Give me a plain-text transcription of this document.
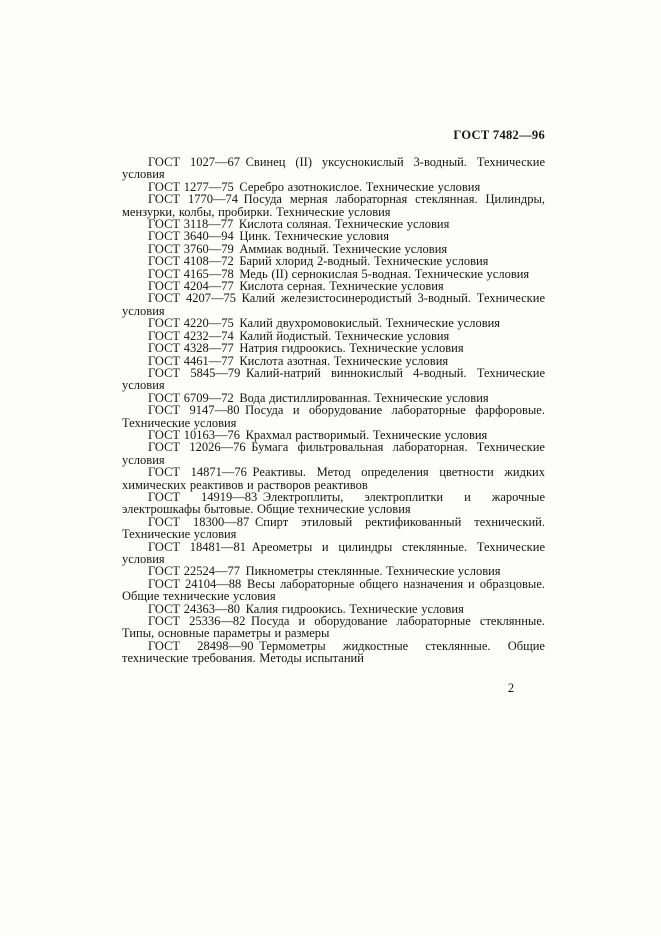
ГОСТ 7482—96

ГОСТ 1027—67 Свинец (II) уксуснокислый 3-водный. Технические условия

ГОСТ 1277—75 Серебро азотнокислое. Технические условия

ГОСТ 1770—74 Посуда мерная лабораторная стеклянная. Цилиндры, мензурки, колбы, пробирки. Технические условия

ГОСТ 3118—77 Кислота соляная. Технические условия

ГОСТ 3640—94 Цинк. Технические условия

ГОСТ 3760—79 Аммиак водный. Технические условия

ГОСТ 4108—72 Барий хлорид 2-водный. Технические условия

ГОСТ 4165—78 Медь (II) сернокислая 5-водная. Технические условия

ГОСТ 4204—77 Кислота серная. Технические условия

ГОСТ 4207—75 Калий железистосинеродистый 3-водный. Технические условия

ГОСТ 4220—75 Калий двухромовокислый. Технические условия

ГОСТ 4232—74 Калий йодистый. Технические условия

ГОСТ 4328—77 Натрия гидроокись. Технические условия

ГОСТ 4461—77 Кислота азотная. Технические условия

ГОСТ 5845—79 Калий-натрий виннокислый 4-водный. Технические условия

ГОСТ 6709—72 Вода дистиллированная. Технические условия

ГОСТ 9147—80 Посуда и оборудование лабораторные фарфоровые. Технические условия

ГОСТ 10163—76 Крахмал растворимый. Технические условия

ГОСТ 12026—76 Бумага фильтровальная лабораторная. Технические условия

ГОСТ 14871—76 Реактивы. Метод определения цветности жидких химических реактивов и растворов реактивов

ГОСТ 14919—83 Электроплиты, электроплитки и жарочные электрошкафы бытовые. Общие технические условия

ГОСТ 18300—87 Спирт этиловый ректификованный технический. Технические условия

ГОСТ 18481—81 Ареометры и цилиндры стеклянные. Технические условия

ГОСТ 22524—77 Пикнометры стеклянные. Технические условия

ГОСТ 24104—88 Весы лабораторные общего назначения и образцовые. Общие технические условия

ГОСТ 24363—80 Калия гидроокись. Технические условия

ГОСТ 25336—82 Посуда и оборудование лабораторные стеклянные. Типы, основные параметры и размеры

ГОСТ 28498—90 Термометры жидкостные стеклянные. Общие технические требования. Методы испытаний

2
